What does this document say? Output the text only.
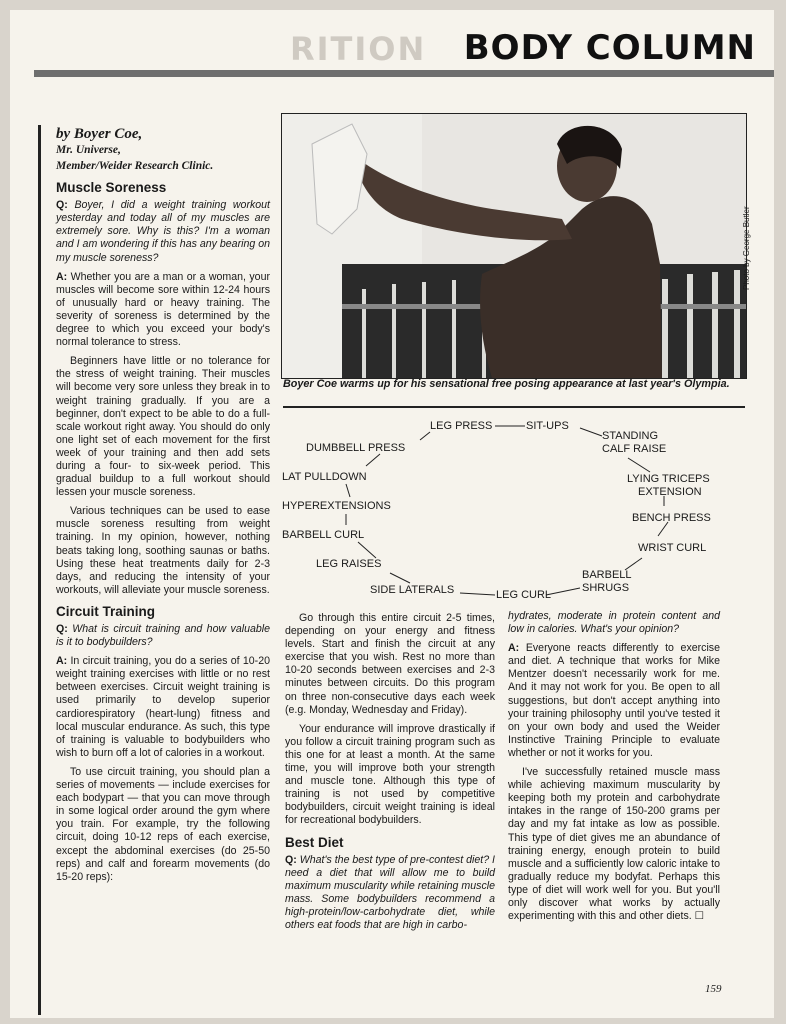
RITION BODY COLUMN

by Boyer Coe,

Mr. Universe,

Member/Weider Research Clinic.

Muscle Soreness

Q: Boyer, I did a weight training workout yesterday and today all of my muscles are extremely sore. Why is this? I'm a woman and I am wondering if this has any bearing on my muscle soreness?

A: Whether you are a man or a woman, your muscles will become sore within 12-24 hours of unusually hard or heavy training. The severity of soreness is determined by the degree to which you exceed your body's normal tolerance to stress.

Beginners have little or no tolerance for the stress of weight training. Their muscles will become very sore unless they break in to weight training gradually. If you are a beginner, don't expect to be able to do a full-scale workout right away. You should do only one light set of each movement for the first week of your training and then add sets during a four- to six-week period. This gradual buildup to a full workout should lessen your muscle soreness.

Various techniques can be used to ease muscle soreness resulting from weight training. In my opinion, however, nothing beats taking long, soothing saunas or baths. Using these heat treatments daily for 2-3 days, and reducing the intensity of your workouts, will alleviate your muscle soreness.

Circuit Training

Q: What is circuit training and how valuable is it to bodybuilders?

A: In circuit training, you do a series of 10-20 weight training exercises with little or no rest between exercises. Circuit weight training is used primarily to develop superior cardiorespiratory (heart-lung) fitness and local muscular endurance. As such, this type of training is valuable to bodybuilders who wish to burn off a lot of calories in a workout.

To use circuit training, you should plan a series of movements — include exercises for each bodypart — that you can move through in some logical order around the gym where you train. For example, try the following circuit, doing 10-12 reps of each exercise, except the abdominal exercises (do 25-50 reps) and calf and forearm movements (do 15-20 reps):

Photo by George Butler
Boyer Coe warms up for his sensational free posing appearance at last year's Olympia.
LEG PRESS	SIT-UPS
STANDING
CALF RAISE
LYING TRICEPS
EXTENSION
BENCH PRESS
WRIST CURL
BARBELL
SHRUGS
LEG CURL
SIDE LATERALS
LEG RAISES
BARBELL CURL
HYPEREXTENSIONS
LAT PULLDOWN
DUMBBELL PRESS

Go through this entire circuit 2-5 times, depending on your energy and fitness levels. Start and finish the circuit at any exercise that you wish. Rest no more than 10-20 seconds between exercises and 2-3 minutes between circuits. Do this program on three non-consecutive days each week (e.g. Monday, Wednesday and Friday).

Your endurance will improve drastically if you follow a circuit training program such as this one for at least a month. At the same time, you will improve both your strength and muscle tone. Although this type of training is not used by competitive bodybuilders, circuit weight training is ideal for recreational bodybuilders.

Best Diet

Q: What's the best type of pre-contest diet? I need a diet that will allow me to build maximum muscularity while retaining muscle mass. Some bodybuilders recommend a high-protein/low-carbohydrate diet, while others eat foods that are high in carbo-

hydrates, moderate in protein content and low in calories. What's your opinion?

A: Everyone reacts differently to exercise and diet. A technique that works for Mike Mentzer doesn't necessarily work for me. And it may not work for you. Be open to all suggestions, but don't accept anything into your training philosophy until you've tested it on your own body and used the Weider Instinctive Training Principle to evaluate whether or not it works for you.

I've successfully retained muscle mass while achieving maximum muscularity by keeping both my protein and carbohydrate intakes in the range of 150-200 grams per day and my fat intake as low as possible. This type of diet gives me an abundance of training energy, enough protein to build muscle and a sufficiently low caloric intake to gradually reduce my bodyfat. Perhaps this type of diet will work well for you. But you'll only discover what works by actually experimenting with this and other diets. ☐

159
